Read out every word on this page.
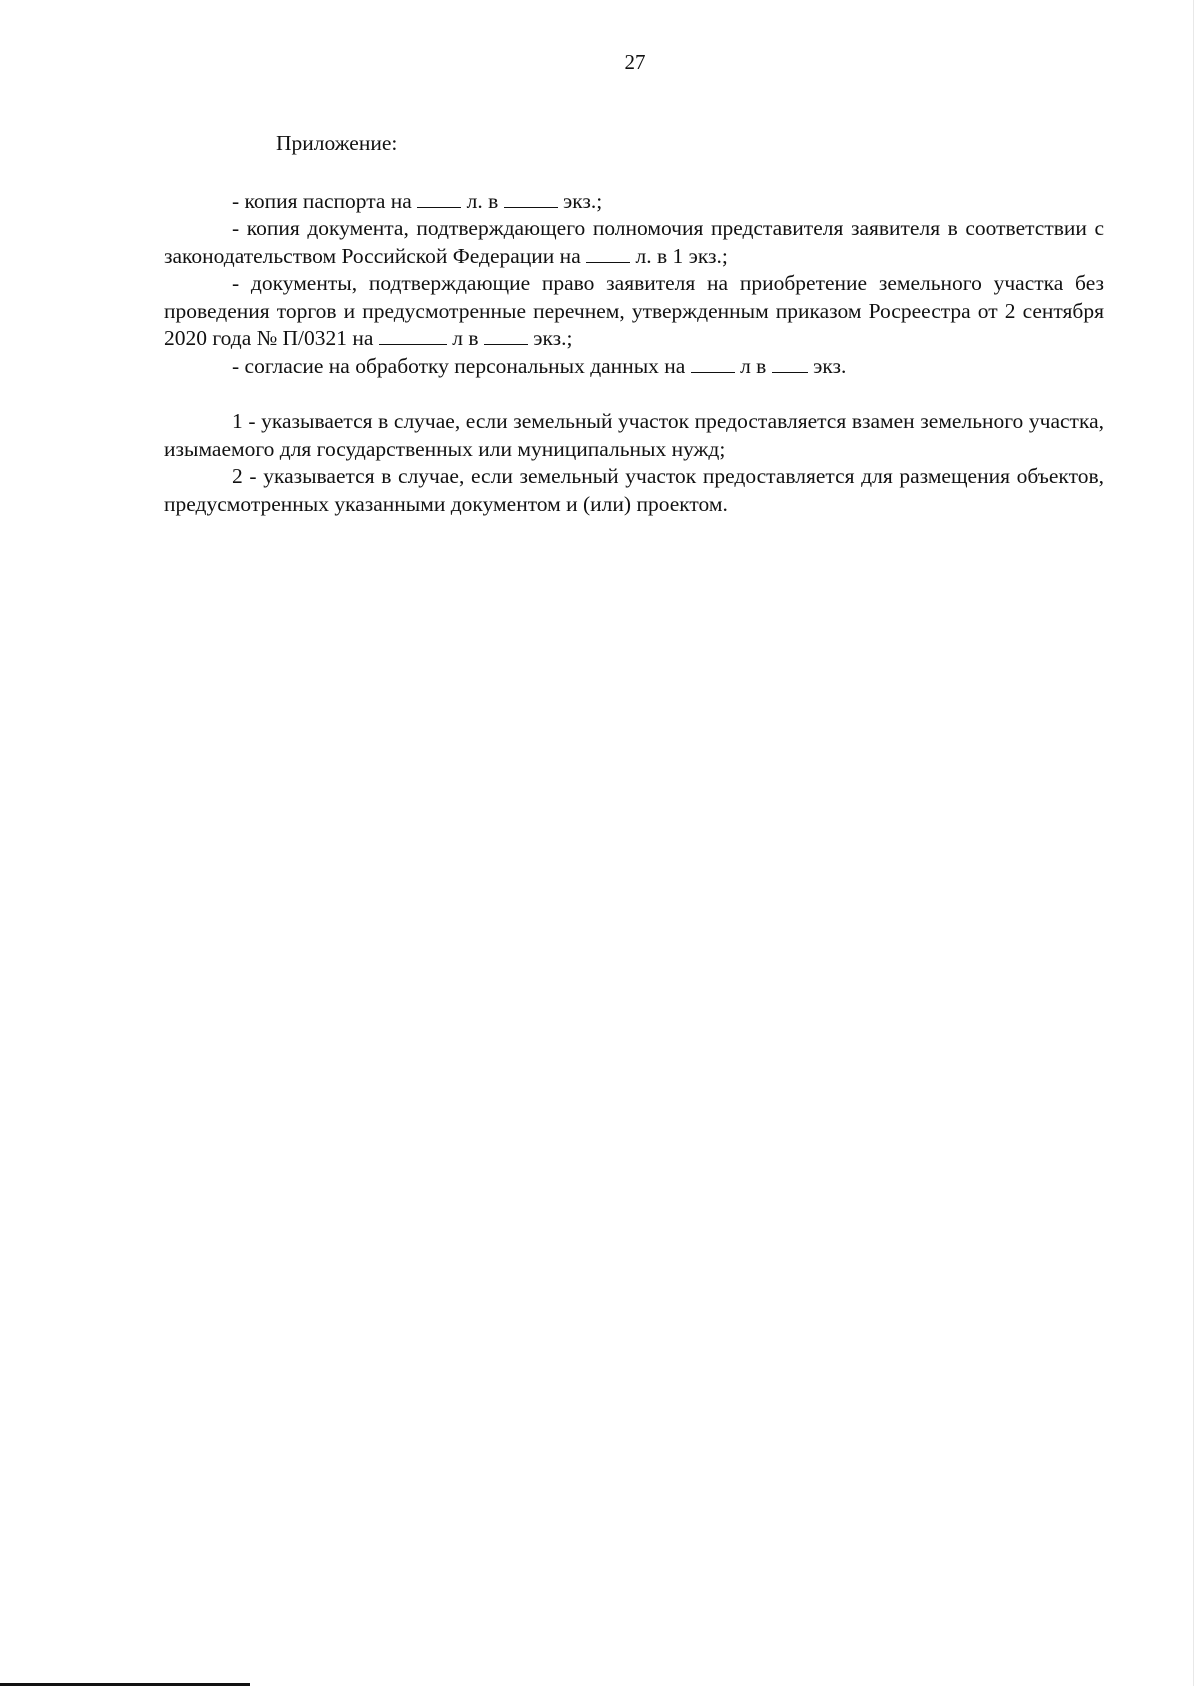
27
Приложение:

- копия паспорта на	л. в	экз.;

- копия документа, подтверждающего полномочия представителя заявителя в соответствии с законодательством Российской Федерации на	л. в 1 экз.;

- документы, подтверждающие право заявителя на приобретение земельного участка без проведения торгов и предусмотренные перечнем, утвержденным приказом Росреестра от 2 сентября 2020 года № П/0321 на	л в	экз.;

- согласие на обработку персональных данных на	л в экз.

1 - указывается в случае, если земельный участок предоставляется взамен земельного участка, изымаемого для государственных или муниципальных нужд;

2 - указывается в случае, если земельный участок предоставляется для размещения объектов, предусмотренных указанными документом и (или) проектом.
